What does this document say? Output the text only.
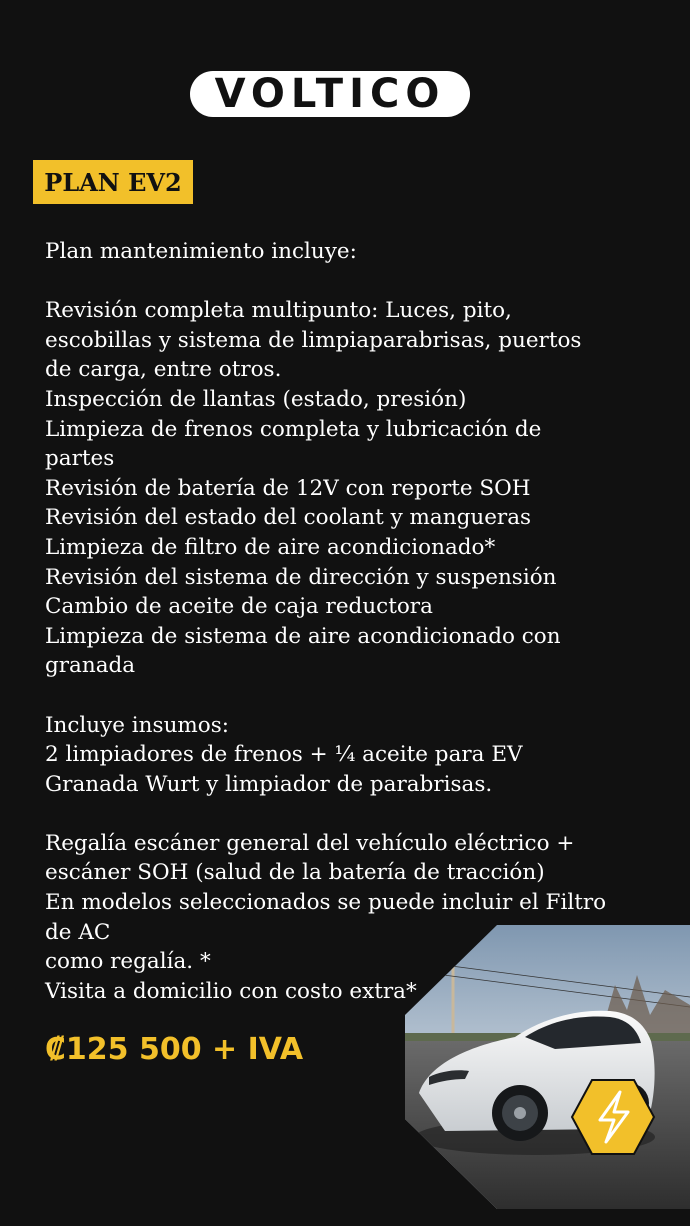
VOLTICO
PLAN EV2
Plan mantenimiento incluye:
Revisión completa multipunto: Luces, pito,
escobillas y sistema de limpiaparabrisas, puertos
de carga, entre otros.
Inspección de llantas (estado, presión)
Limpieza de frenos completa y lubricación de
partes
Revisión de batería de 12V con reporte SOH
Revisión del estado del coolant y mangueras
Limpieza de filtro de aire acondicionado*
Revisión del sistema de dirección y suspensión
Cambio de aceite de caja reductora
Limpieza de sistema de aire acondicionado con
granada
Incluye insumos:
2 limpiadores de frenos + ¼ aceite para EV
Granada Wurt y limpiador de parabrisas.
Regalía escáner general del vehículo eléctrico +
escáner SOH (salud de la batería de tracción)
En modelos seleccionados se puede incluir el Filtro
de AC
como regalía. *
Visita a domicilio con costo extra*
₡125 500 + IVA
